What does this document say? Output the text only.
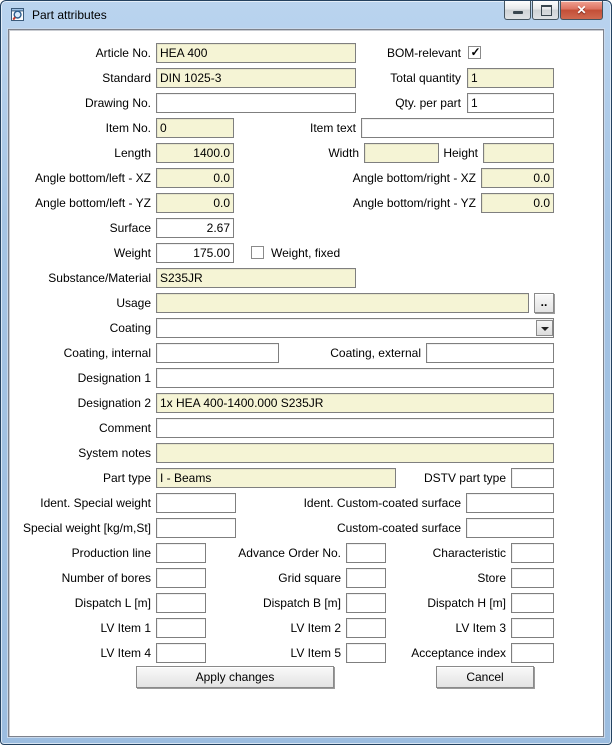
Part attributes	✕
Article No. HEA 400	BOM-relevant ✓
Standard DIN 1025-3	Total quantity 1
Drawing No.	Qty. per part 1
Item No. 0	Item text
Length	1400.0	Width	Height
Angle bottom/left - XZ	0.0	Angle bottom/right - XZ	0.0
Angle bottom/left - YZ	0.0	Angle bottom/right - YZ	0.0
Surface	2.67
Weight	175.00	Weight, fixed
Substance/Material S235JR
Usage	..
Coating
Coating, internal	Coating, external
Designation 1
Designation 2 1x HEA 400-1400.000 S235JR
Comment
System notes
Part type I - Beams	DSTV part type
Ident. Special weight	Ident. Custom-coated surface
Special weight [kg/m,St]	Custom-coated surface
Production line	Advance Order No.	Characteristic
Number of bores	Grid square	Store
Dispatch L [m]	Dispatch B [m]	Dispatch H [m]
LV Item 1	LV Item 2	LV Item 3
LV Item 4	LV Item 5	Acceptance index
Apply changes	Cancel
